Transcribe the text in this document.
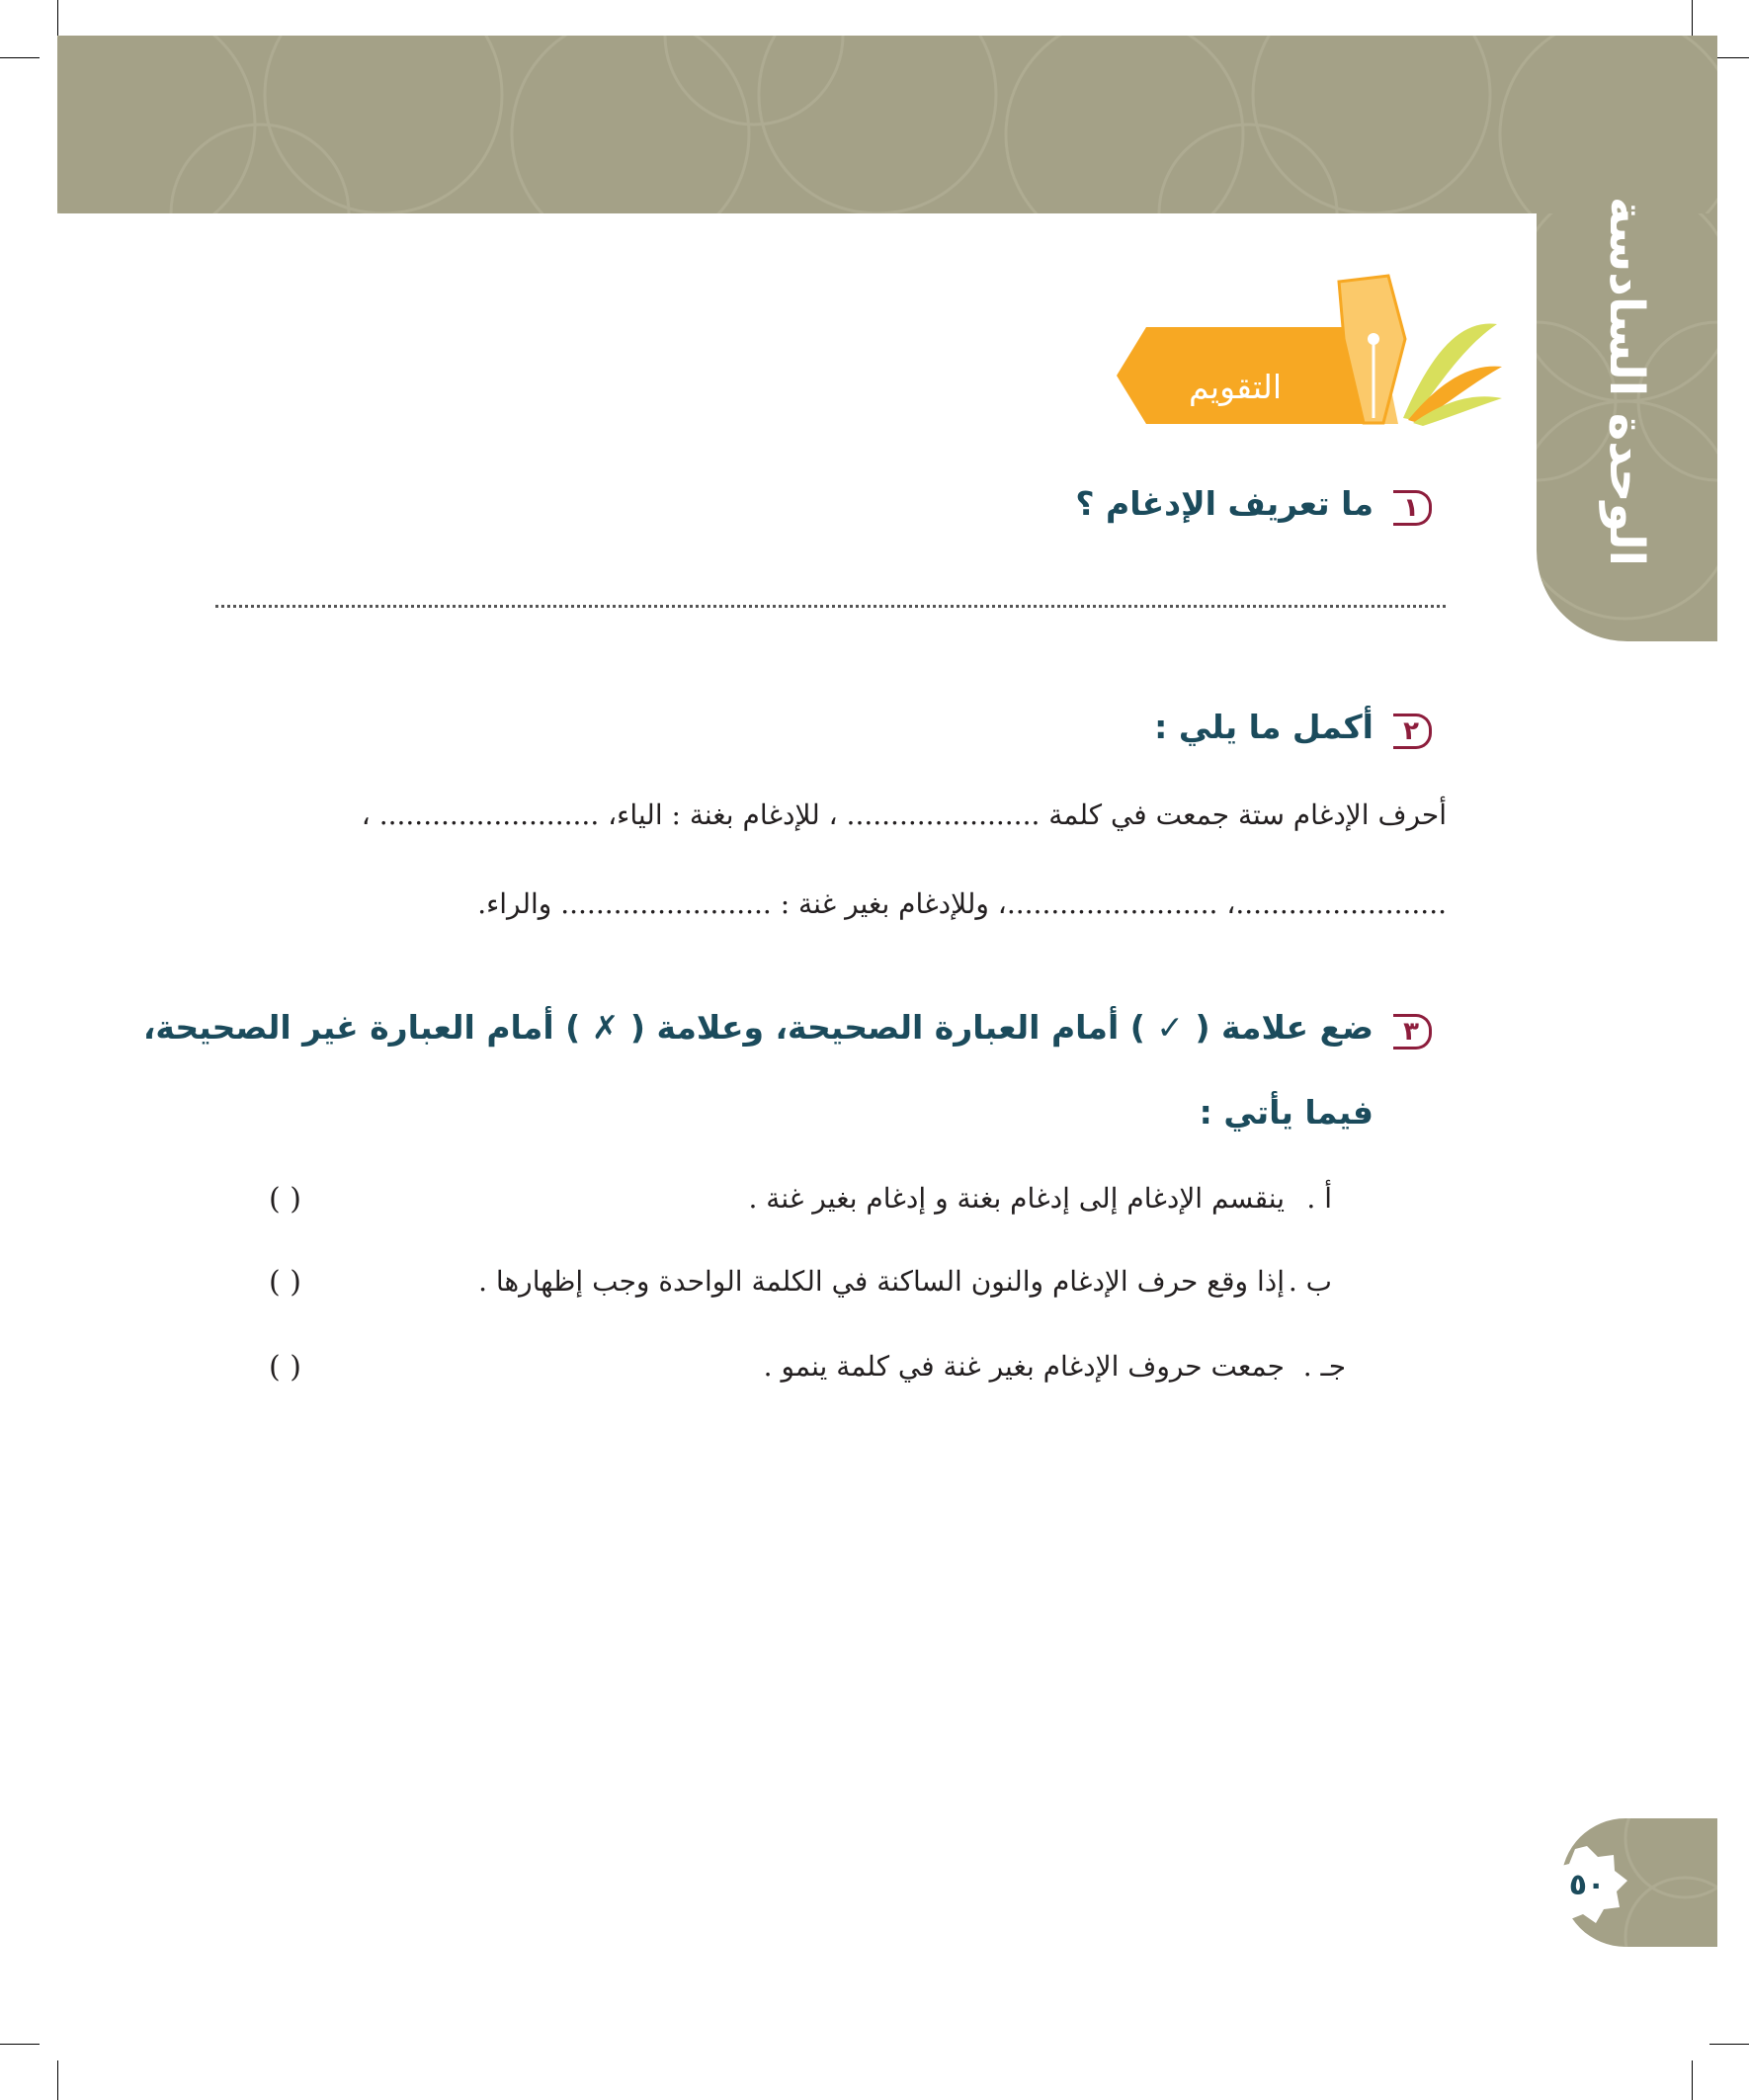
الوحدة السادسة
التقويم
١
ما تعريف الإدغام ؟
٢
أكمل ما يلي :
أحرف الإدغام ستة جمعت في كلمة ...................... ، للإدغام بغنة : الياء، ......................... ،
........................، ........................، وللإدغام بغير غنة : ........................ والراء.
٣
ضع علامة ( ✓ ) أمام العبارة الصحيحة، وعلامة ( ✗ ) أمام العبارة غير الصحيحة،
فيما يأتي :
أ .
ينقسم الإدغام إلى إدغام بغنة و إدغام بغير غنة .
( )
ب .
إذا وقع حرف الإدغام والنون الساكنة في الكلمة الواحدة وجب إظهارها .
( )
جـ .
جمعت حروف الإدغام بغير غنة في كلمة ينمو .
( )
٥٠
